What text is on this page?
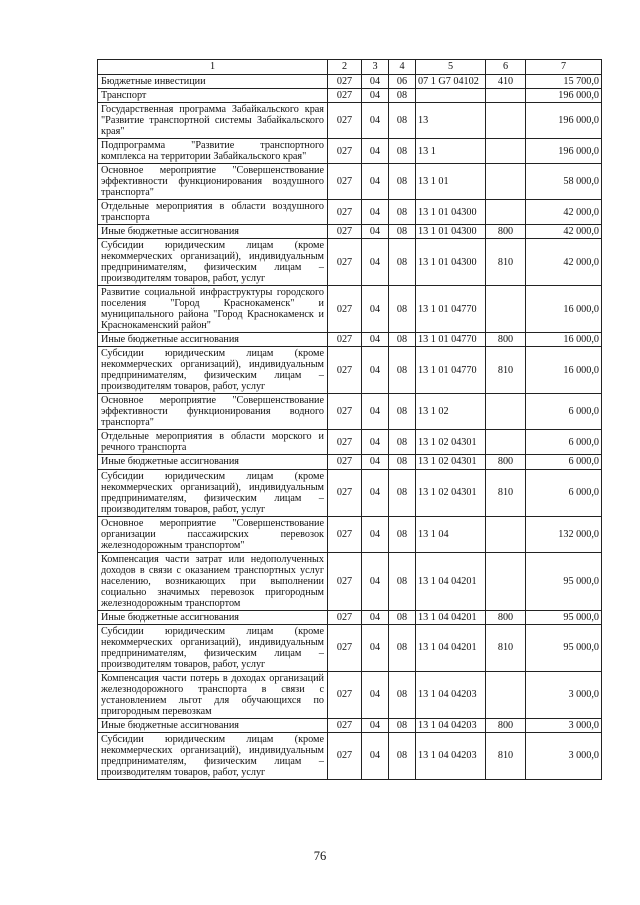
1	2	3	4	5	6	7
Бюджетные инвестиции	027	04	06	07 1 G7 04102	410	15 700,0
Транспорт	027	04	08			196 000,0
Государственная программа Забайкальского края "Развитие транспортной системы Забайкальского края"	027	04	08	13		196 000,0
Подпрограмма "Развитие транспортного комплекса на территории Забайкальского края"	027	04	08	13 1		196 000,0
Основное мероприятие "Совершенствование эффективности функционирования воздушного транспорта"	027	04	08	13 1 01		58 000,0
Отдельные мероприятия в области воздушного транспорта	027	04	08	13 1 01 04300		42 000,0
Иные бюджетные ассигнования	027	04	08	13 1 01 04300	800	42 000,0
Субсидии юридическим лицам (кроме некоммерческих организаций), индивидуальным предпринимателям, физическим лицам – производителям товаров, работ, услуг	027	04	08	13 1 01 04300	810	42 000,0
Развитие социальной инфраструктуры городского поселения "Город Краснокаменск" и муниципального района "Город Краснокаменск и Краснокаменский район"	027	04	08	13 1 01 04770		16 000,0
Иные бюджетные ассигнования	027	04	08	13 1 01 04770	800	16 000,0
Субсидии юридическим лицам (кроме некоммерческих организаций), индивидуальным предпринимателям, физическим лицам – производителям товаров, работ, услуг	027	04	08	13 1 01 04770	810	16 000,0
Основное мероприятие "Совершенствование эффективности функционирования водного транспорта"	027	04	08	13 1 02		6 000,0
Отдельные мероприятия в области морского и речного транспорта	027	04	08	13 1 02 04301		6 000,0
Иные бюджетные ассигнования	027	04	08	13 1 02 04301	800	6 000,0
Субсидии юридическим лицам (кроме некоммерческих организаций), индивидуальным предпринимателям, физическим лицам – производителям товаров, работ, услуг	027	04	08	13 1 02 04301	810	6 000,0
Основное мероприятие "Совершенствование организации пассажирских перевозок железнодорожным транспортом"	027	04	08	13 1 04		132 000,0
Компенсация части затрат или недополученных доходов в связи с оказанием транспортных услуг населению, возникающих при выполнении социально значимых перевозок пригородным железнодорожным транспортом	027	04	08	13 1 04 04201		95 000,0
Иные бюджетные ассигнования	027	04	08	13 1 04 04201	800	95 000,0
Субсидии юридическим лицам (кроме некоммерческих организаций), индивидуальным предпринимателям, физическим лицам – производителям товаров, работ, услуг	027	04	08	13 1 04 04201	810	95 000,0
Компенсация части потерь в доходах организаций железнодорожного транспорта в связи с установлением льгот для обучающихся по пригородным перевозкам	027	04	08	13 1 04 04203		3 000,0
Иные бюджетные ассигнования	027	04	08	13 1 04 04203	800	3 000,0
Субсидии юридическим лицам (кроме некоммерческих организаций), индивидуальным предпринимателям, физическим лицам – производителям товаров, работ, услуг	027	04	08	13 1 04 04203	810	3 000,0
76
